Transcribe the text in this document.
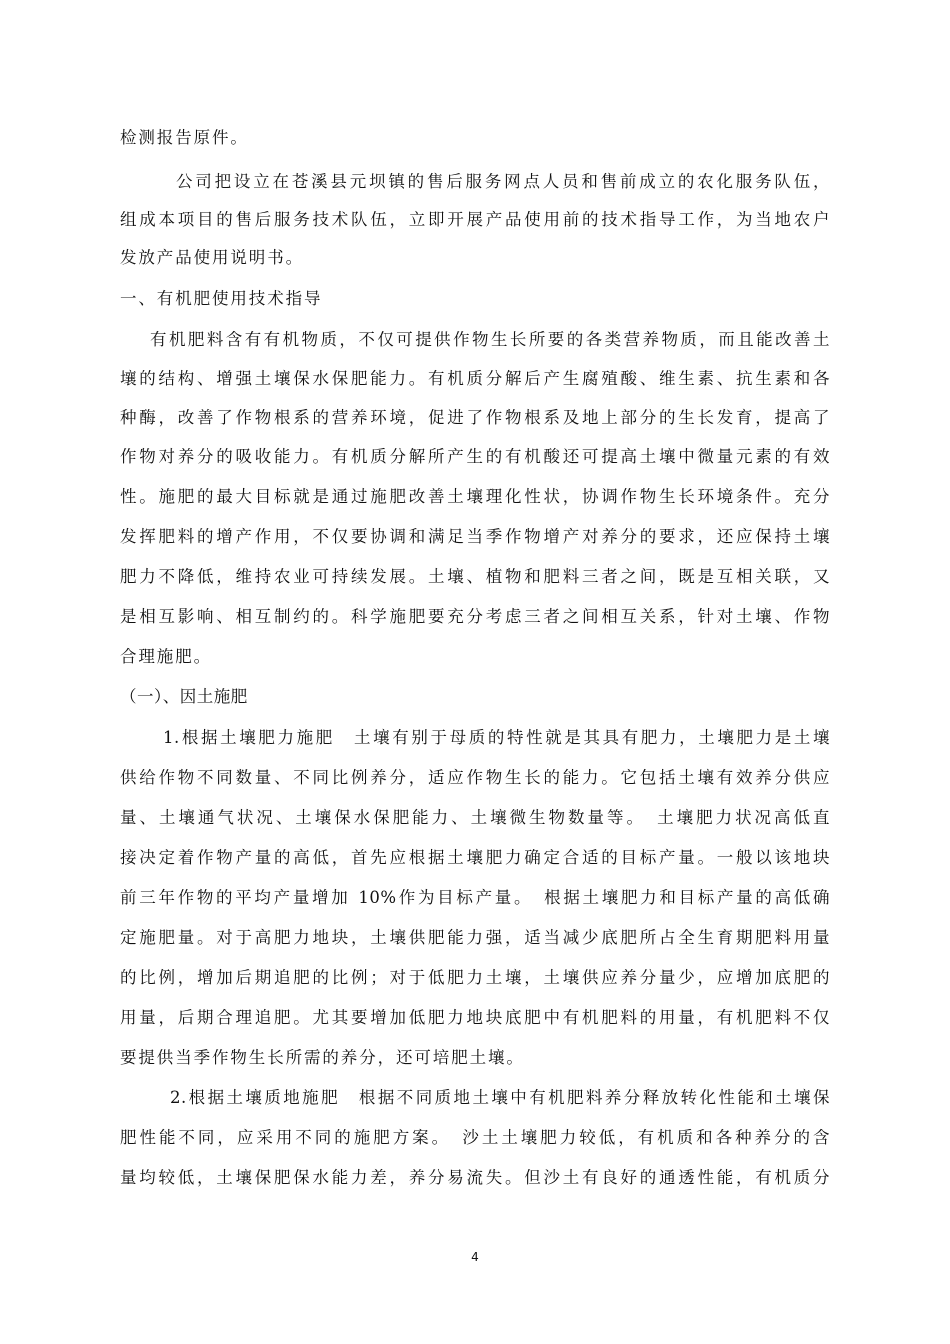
检测报告原件。
公司把设立在苍溪县元坝镇的售后服务网点人员和售前成立的农化服务队伍，
组成本项目的售后服务技术队伍，立即开展产品使用前的技术指导工作，为当地农户
发放产品使用说明书。
一、有机肥使用技术指导
有机肥料含有有机物质，不仅可提供作物生长所要的各类营养物质，而且能改善土
壤的结构、增强土壤保水保肥能力。有机质分解后产生腐殖酸、维生素、抗生素和各
种酶，改善了作物根系的营养环境，促进了作物根系及地上部分的生长发育，提高了
作物对养分的吸收能力。有机质分解所产生的有机酸还可提高土壤中微量元素的有效
性。施肥的最大目标就是通过施肥改善土壤理化性状，协调作物生长环境条件。充分
发挥肥料的增产作用，不仅要协调和满足当季作物增产对养分的要求，还应保持土壤
肥力不降低，维持农业可持续发展。土壤、植物和肥料三者之间，既是互相关联，又
是相互影响、相互制约的。科学施肥要充分考虑三者之间相互关系，针对土壤、作物
合理施肥。
（一）、因土施肥
1.根据土壤肥力施肥　土壤有别于母质的特性就是其具有肥力，土壤肥力是土壤
供给作物不同数量、不同比例养分，适应作物生长的能力。它包括土壤有效养分供应
量、土壤通气状况、土壤保水保肥能力、土壤微生物数量等。　土壤肥力状况高低直
接决定着作物产量的高低，首先应根据土壤肥力确定合适的目标产量。一般以该地块
前三年作物的平均产量增加 10%作为目标产量。　根据土壤肥力和目标产量的高低确
定施肥量。对于高肥力地块，土壤供肥能力强，适当减少底肥所占全生育期肥料用量
的比例，增加后期追肥的比例；对于低肥力土壤，土壤供应养分量少，应增加底肥的
用量，后期合理追肥。尤其要增加低肥力地块底肥中有机肥料的用量，有机肥料不仅
要提供当季作物生长所需的养分，还可培肥土壤。
2.根据土壤质地施肥　根据不同质地土壤中有机肥料养分释放转化性能和土壤保
肥性能不同，应采用不同的施肥方案。　沙土土壤肥力较低，有机质和各种养分的含
量均较低，土壤保肥保水能力差，养分易流失。但沙土有良好的通透性能，有机质分
4
